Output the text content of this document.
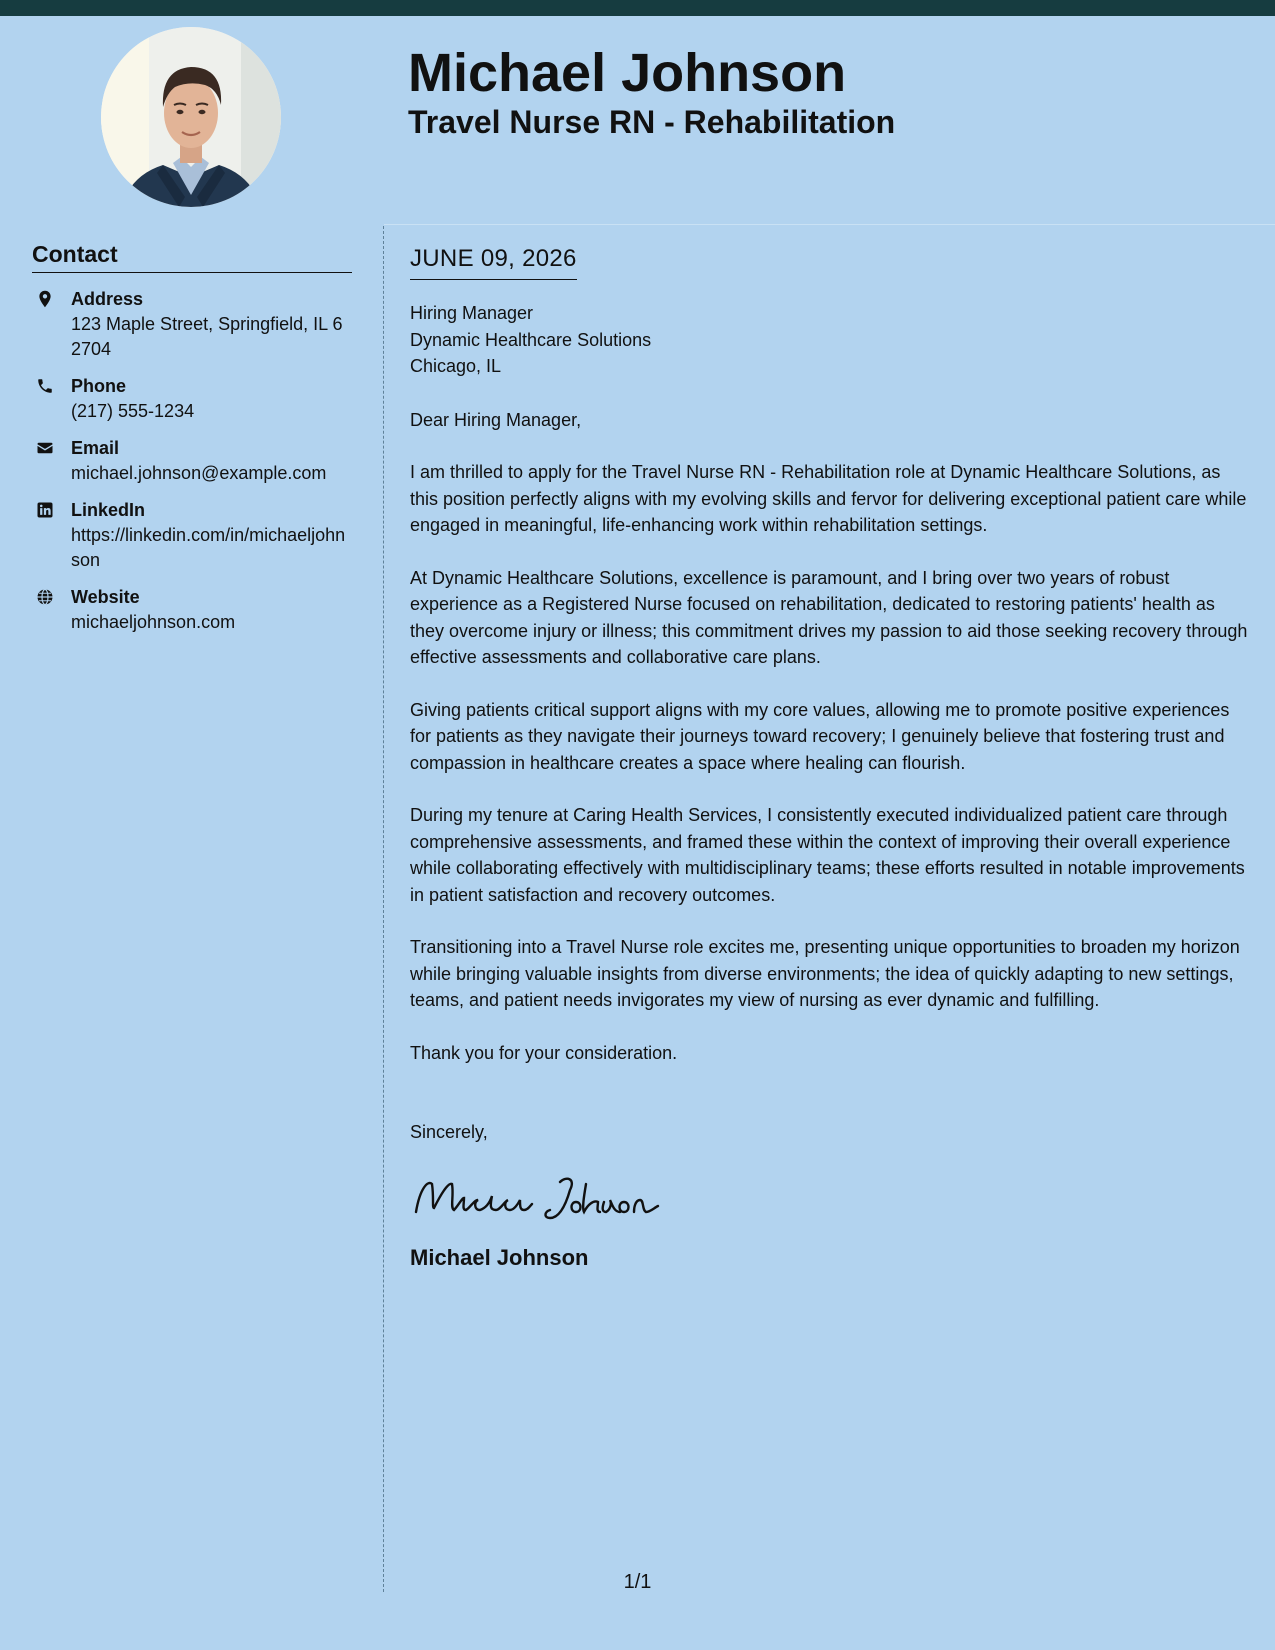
Michael Johnson
Travel Nurse RN - Rehabilitation
Contact
Address
123 Maple Street, Springfield, IL 62704
Phone
(217) 555-1234
Email
michael.johnson@example.com
LinkedIn
https://linkedin.com/in/michaeljohnson
Website
michaeljohnson.com
JUNE 09, 2026

Hiring Manager

Dynamic Healthcare Solutions

Chicago, IL

Dear Hiring Manager,

I am thrilled to apply for the Travel Nurse RN - Rehabilitation role at Dynamic Healthcare Solutions, as this position perfectly aligns with my evolving skills and fervor for delivering exceptional patient care while engaged in meaningful, life-enhancing work within rehabilitation settings.

At Dynamic Healthcare Solutions, excellence is paramount, and I bring over two years of robust experience as a Registered Nurse focused on rehabilitation, dedicated to restoring patients' health as they overcome injury or illness; this commitment drives my passion to aid those seeking recovery through effective assessments and collaborative care plans.

Giving patients critical support aligns with my core values, allowing me to promote positive experiences for patients as they navigate their journeys toward recovery; I genuinely believe that fostering trust and compassion in healthcare creates a space where healing can flourish.

During my tenure at Caring Health Services, I consistently executed individualized patient care through comprehensive assessments, and framed these within the context of improving their overall experience while collaborating effectively with multidisciplinary teams; these efforts resulted in notable improvements in patient satisfaction and recovery outcomes.

Transitioning into a Travel Nurse role excites me, presenting unique opportunities to broaden my horizon while bringing valuable insights from diverse environments; the idea of quickly adapting to new settings, teams, and patient needs invigorates my view of nursing as ever dynamic and fulfilling.

Thank you for your consideration.

Sincerely,

Michael Johnson
1/1
